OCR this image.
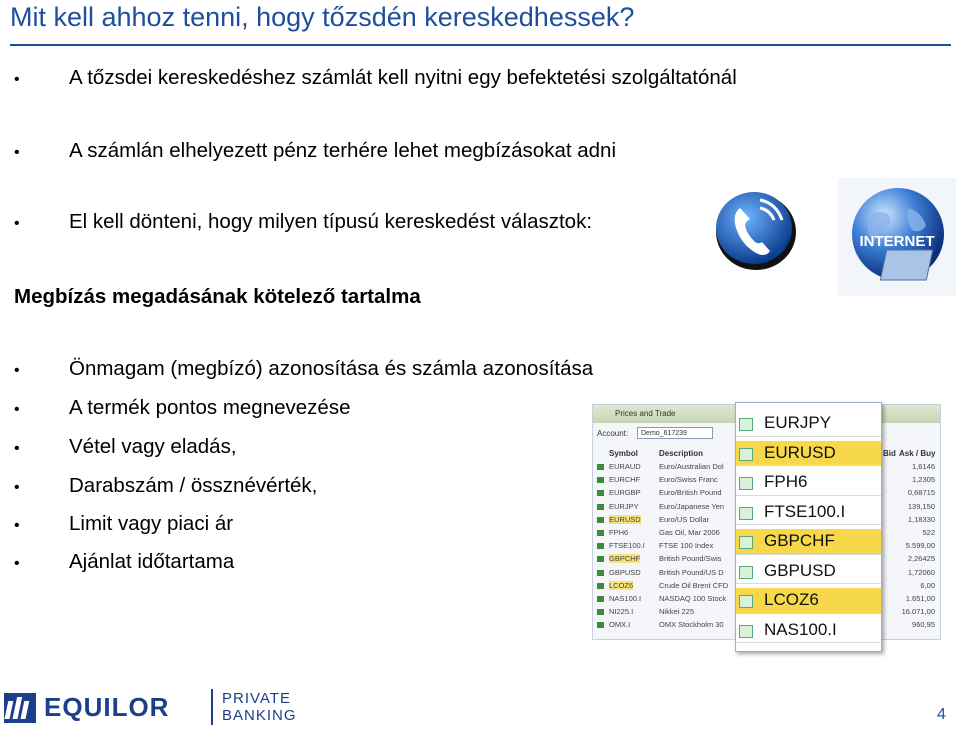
Mit kell ahhoz tenni, hogy tőzsdén kereskedhessek?
•	A tőzsdei kereskedéshez számlát kell nyitni egy befektetési szolgáltatónál
•	A számlán elhelyezett pénz terhére lehet megbízásokat adni
•	El kell dönteni, hogy milyen típusú kereskedést választok:
INTERNET
Megbízás megadásának kötelező tartalma
•	Önmagam (megbízó) azonosítása és számla azonosítása
•	A termék pontos megnevezése
•	Vétel vagy eladás,
•	Darabszám / össznévérték,
•	Limit vagy piaci ár
•	Ajánlat időtartama
Prices and Trade
Account:	Demo_617239
Symbol	Description	Bid Ask / Buy
EURAUD Euro/Australian Dol	1,6146
EURCHF	Euro/Swiss Franc	1,2305
EURGBP Euro/British Pound	0,68715
EURJPY	Euro/Japanese Yen	139,150
EURUSD Euro/US Dollar	1,18330
FPH6	Gas Oil, Mar 2006	522
FTSE100.I FTSE 100 Index	5.599,00
GBPCHF British Pound/Swis	2,26425
GBPUSD British Pound/US D	1,72060
LCOZ6	Crude Oil Brent CFD	6,00
NAS100.I NASDAQ 100 Stock	1.651,00
NI225.I	Nikkei 225	16.071,00
OMX.I	OMX Stockholm 30	960,95
EURJPY
EURUSD
FPH6
FTSE100.I
GBPCHF
GBPUSD
LCOZ6
NAS100.I
EQUILOR	PRIVATE
BANKING	4
